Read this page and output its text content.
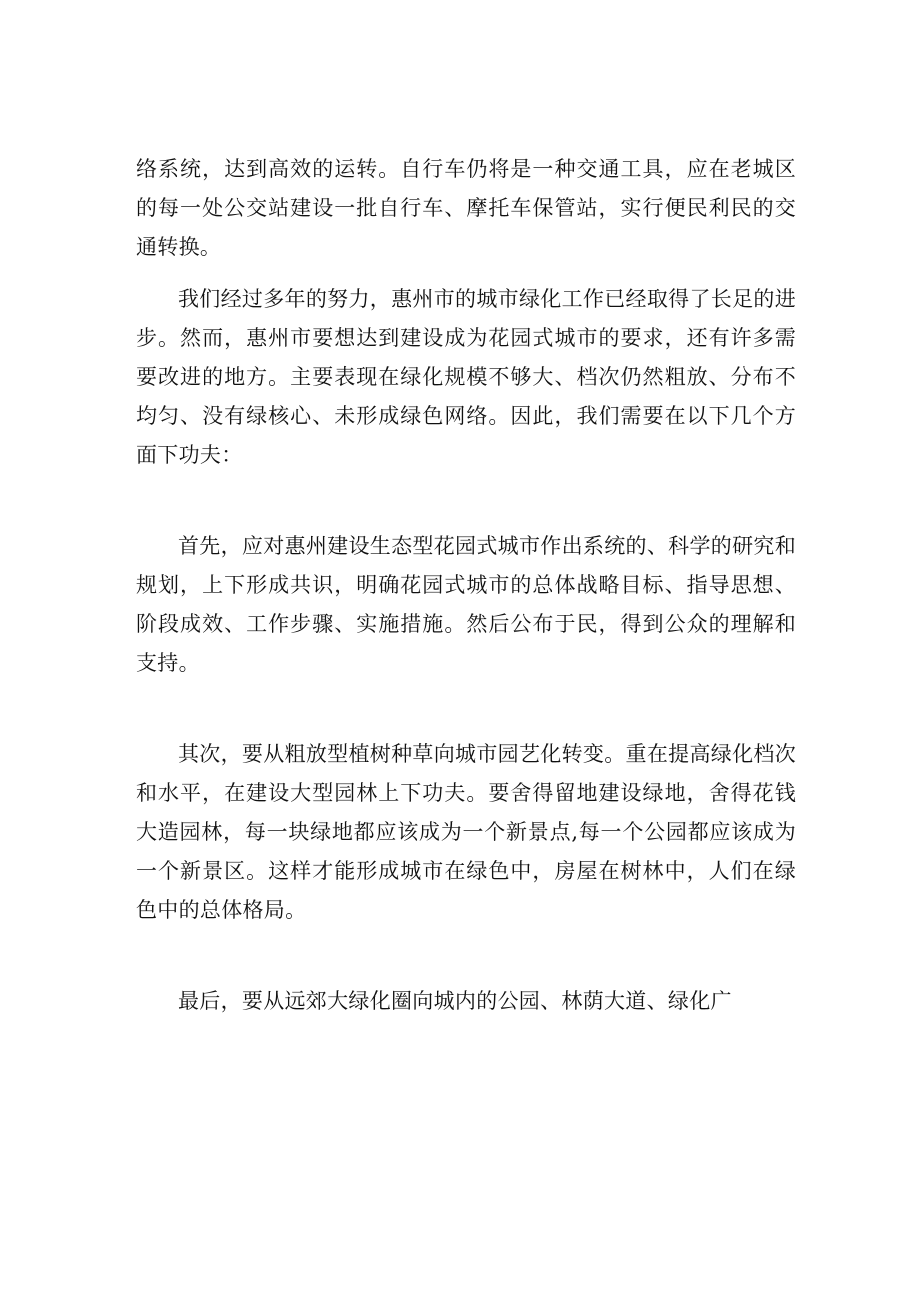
络系统，达到高效的运转。自行车仍将是一种交通工具，应在老城区的每一处公交站建设一批自行车、摩托车保管站，实行便民利民的交通转换。

我们经过多年的努力，惠州市的城市绿化工作已经取得了长足的进步。然而，惠州市要想达到建设成为花园式城市的要求，还有许多需要改进的地方。主要表现在绿化规模不够大、档次仍然粗放、分布不均匀、没有绿核心、未形成绿色网络。因此，我们需要在以下几个方面下功夫：

首先，应对惠州建设生态型花园式城市作出系统的、科学的研究和规划，上下形成共识，明确花园式城市的总体战略目标、指导思想、阶段成效、工作步骤、实施措施。然后公布于民，得到公众的理解和支持。

其次，要从粗放型植树种草向城市园艺化转变。重在提高绿化档次和水平，在建设大型园林上下功夫。要舍得留地建设绿地，舍得花钱大造园林，每一块绿地都应该成为一个新景点,每一个公园都应该成为一个新景区。这样才能形成城市在绿色中，房屋在树林中，人们在绿色中的总体格局。

最后，要从远郊大绿化圈向城内的公园、林荫大道、绿化广
